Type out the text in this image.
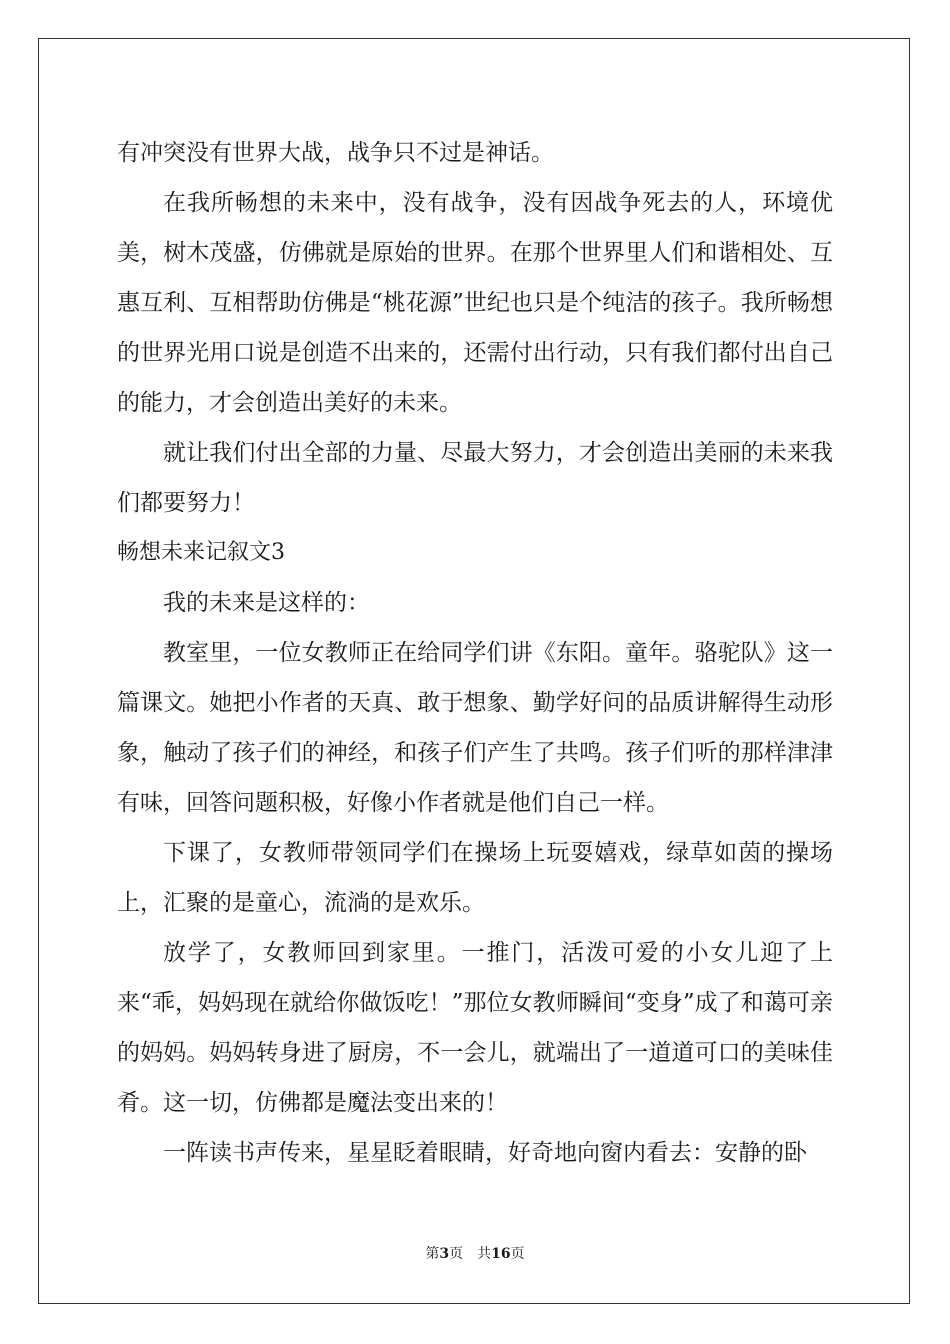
有冲突没有世界大战，战争只不过是神话。

在我所畅想的未来中，没有战争，没有因战争死去的人，环境优美，树木茂盛，仿佛就是原始的世界。在那个世界里人们和谐相处、互惠互利、互相帮助仿佛是“桃花源”世纪也只是个纯洁的孩子。我所畅想的世界光用口说是创造不出来的，还需付出行动，只有我们都付出自己的能力，才会创造出美好的未来。

就让我们付出全部的力量、尽最大努力，才会创造出美丽的未来我们都要努力！

畅想未来记叙文3

我的未来是这样的：

教室里，一位女教师正在给同学们讲《东阳。童年。骆驼队》这一篇课文。她把小作者的天真、敢于想象、勤学好问的品质讲解得生动形象，触动了孩子们的神经，和孩子们产生了共鸣。孩子们听的那样津津有味，回答问题积极，好像小作者就是他们自己一样。

下课了，女教师带领同学们在操场上玩耍嬉戏，绿草如茵的操场上，汇聚的是童心，流淌的是欢乐。

放学了，女教师回到家里。一推门，活泼可爱的小女儿迎了上来“乖，妈妈现在就给你做饭吃！”那位女教师瞬间“变身”成了和蔼可亲的妈妈。妈妈转身进了厨房，不一会儿，就端出了一道道可口的美味佳肴。这一切，仿佛都是魔法变出来的！

一阵读书声传来，星星眨着眼睛，好奇地向窗内看去：安静的卧

第3页 共16页
